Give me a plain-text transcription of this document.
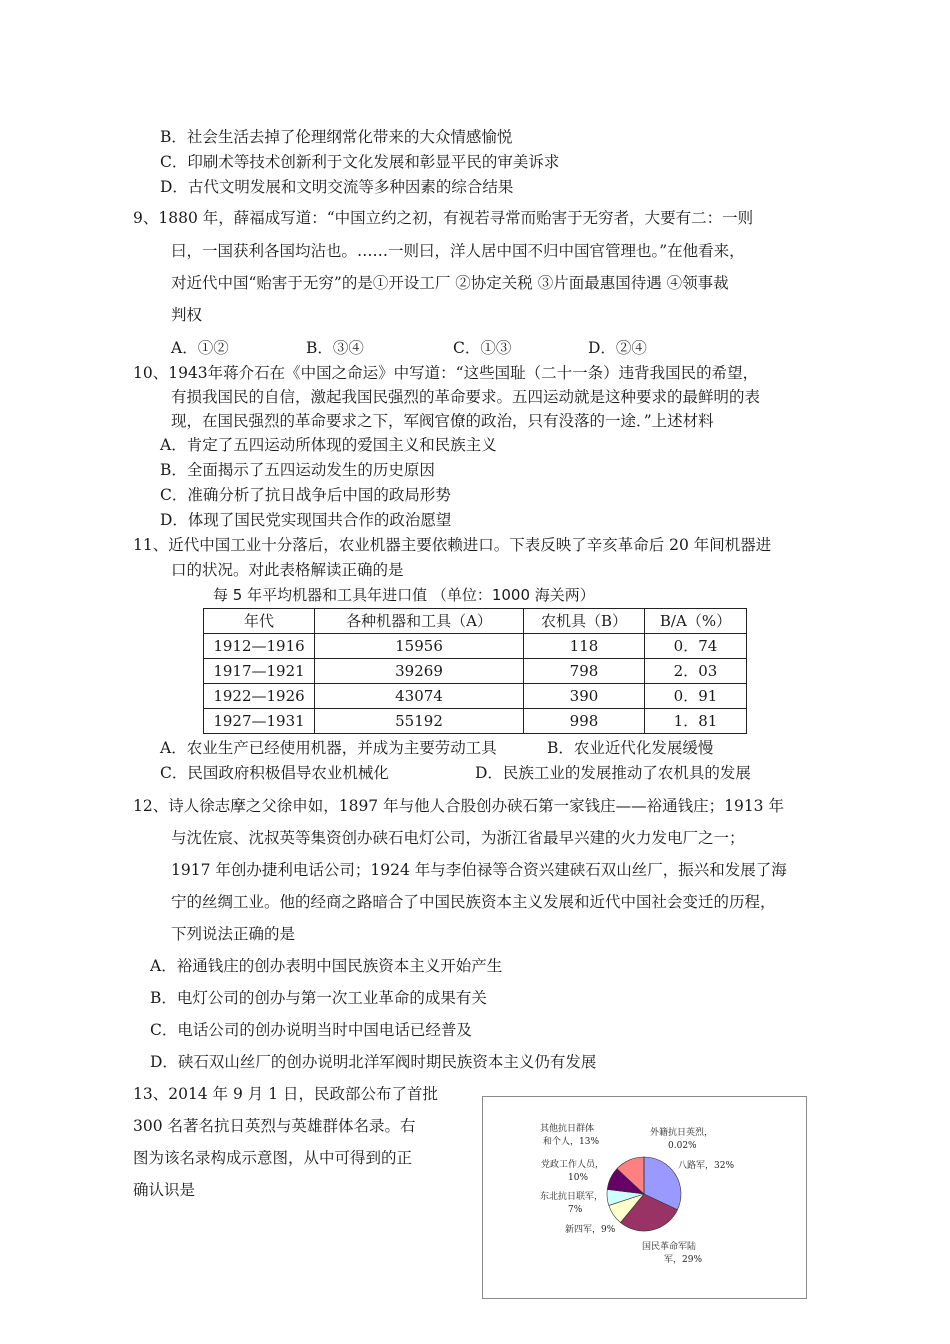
B．社会生活去掉了伦理纲常化带来的大众情感愉悦
C．印刷术等技术创新利于文化发展和彰显平民的审美诉求
D．古代文明发展和文明交流等多种因素的综合结果
9、1880 年，薛福成写道：“中国立约之初，有视若寻常而贻害于无穷者，大要有二：一则
曰，一国获利各国均沾也。……一则曰，洋人居中国不归中国官管理也。”在他看来，
对近代中国“贻害于无穷”的是①开设工厂 ②协定关税 ③片面最惠国待遇 ④领事裁
判权
A．①②	B．③④	C．①③	D．②④
10、1943年蒋介石在《中国之命运》中写道：“这些国耻（二十一条）违背我国民的希望，
有损我国民的自信，激起我国民强烈的革命要求。五四运动就是这种要求的最鲜明的表
现，在国民强烈的革命要求之下，军阀官僚的政治，只有没落的一途．”上述材料
A．肯定了五四运动所体现的爱国主义和民族主义
B．全面揭示了五四运动发生的历史原因
C．准确分析了抗日战争后中国的政局形势
D．体现了国民党实现国共合作的政治愿望
11、近代中国工业十分落后，农业机器主要依赖进口。下表反映了辛亥革命后 20 年间机器进
口的状况。对此表格解读正确的是
每 5 年平均机器和工具年进口值 （单位：1000 海关两）
年代	各种机器和工具（A）	农机具（B）	B/A（%）
1912—1916	15956	118	0．74
1917—1921	39269	798	2．03
1922—1926	43074	390	0．91
1927—1931	55192	998	1．81
A．农业生产已经使用机器，并成为主要劳动工具	B．农业近代化发展缓慢
C．民国政府积极倡导农业机械化	D．民族工业的发展推动了农机具的发展
12、诗人徐志摩之父徐申如，1897 年与他人合股创办硖石第一家钱庄——裕通钱庄；1913 年
与沈佐宸、沈叔英等集资创办硖石电灯公司，为浙江省最早兴建的火力发电厂之一；
1917 年创办捷利电话公司；1924 年与李伯禄等合资兴建硖石双山丝厂，振兴和发展了海
宁的丝绸工业。他的经商之路暗合了中国民族资本主义发展和近代中国社会变迁的历程，
下列说法正确的是
A．裕通钱庄的创办表明中国民族资本主义开始产生
B．电灯公司的创办与第一次工业革命的成果有关
C．电话公司的创办说明当时中国电话已经普及
D．硖石双山丝厂的创办说明北洋军阀时期民族资本主义仍有发展
13、2014 年 9 月 1 日，民政部公布了首批
300 名著名抗日英烈与英雄群体名录。右
图为该名录构成示意图，从中可得到的正
确认识是
八路军，32%
国民革命军陆
军，29%
新四军，9%
东北抗日联军，
7%
党政工作人员，
10%
其他抗日群体
和个人，13%
外籍抗日英烈，
0.02%
